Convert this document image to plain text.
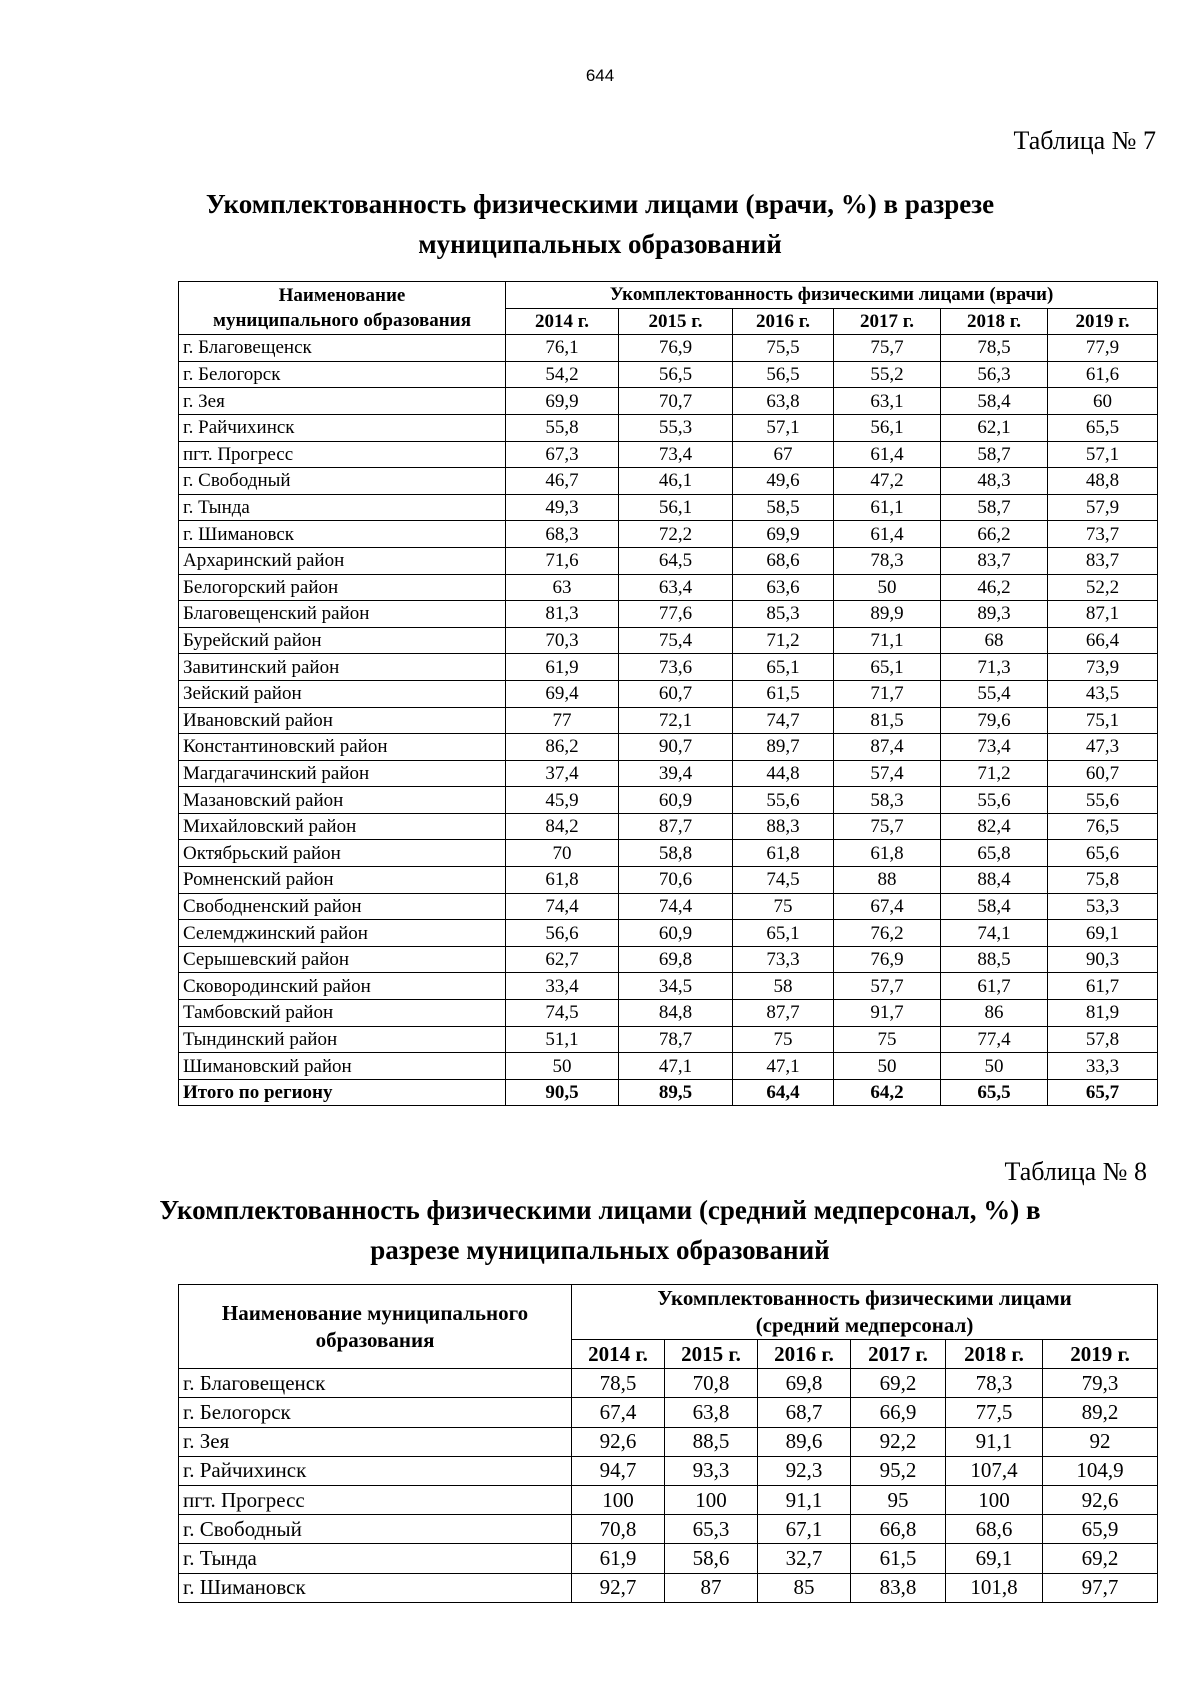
644
Таблица № 7
Укомплектованность физическими лицами (врачи, %) в разрезе
муниципальных образований
Наименование
муниципального образования	Укомплектованность физическими лицами (врачи)					
	2014 г.	2015 г.	2016 г.	2017 г.	2018 г.	2019 г.
г. Благовещенск	76,1	76,9	75,5	75,7	78,5	77,9
г. Белогорск	54,2	56,5	56,5	55,2	56,3	61,6
г. Зея	69,9	70,7	63,8	63,1	58,4	60
г. Райчихинск	55,8	55,3	57,1	56,1	62,1	65,5
пгт. Прогресс	67,3	73,4	67	61,4	58,7	57,1
г. Свободный	46,7	46,1	49,6	47,2	48,3	48,8
г. Тында	49,3	56,1	58,5	61,1	58,7	57,9
г. Шимановск	68,3	72,2	69,9	61,4	66,2	73,7
Архаринский район	71,6	64,5	68,6	78,3	83,7	83,7
Белогорский район	63	63,4	63,6	50	46,2	52,2
Благовещенский район	81,3	77,6	85,3	89,9	89,3	87,1
Бурейский район	70,3	75,4	71,2	71,1	68	66,4
Завитинский район	61,9	73,6	65,1	65,1	71,3	73,9
Зейский район	69,4	60,7	61,5	71,7	55,4	43,5
Ивановский район	77	72,1	74,7	81,5	79,6	75,1
Константиновский район	86,2	90,7	89,7	87,4	73,4	47,3
Магдагачинский район	37,4	39,4	44,8	57,4	71,2	60,7
Мазановский район	45,9	60,9	55,6	58,3	55,6	55,6
Михайловский район	84,2	87,7	88,3	75,7	82,4	76,5
Октябрьский район	70	58,8	61,8	61,8	65,8	65,6
Ромненский район	61,8	70,6	74,5	88	88,4	75,8
Свободненский район	74,4	74,4	75	67,4	58,4	53,3
Селемджинский район	56,6	60,9	65,1	76,2	74,1	69,1
Серышевский район	62,7	69,8	73,3	76,9	88,5	90,3
Сковородинский район	33,4	34,5	58	57,7	61,7	61,7
Тамбовский район	74,5	84,8	87,7	91,7	86	81,9
Тындинский район	51,1	78,7	75	75	77,4	57,8
Шимановский район	50	47,1	47,1	50	50	33,3
Итого по региону	90,5	89,5	64,4	64,2	65,5	65,7
Таблица № 8
Укомплектованность физическими лицами (средний медперсонал, %) в
разрезе муниципальных образований
Наименование муниципального образования	Укомплектованность физическими лицами
(средний медперсонал)					

	2014 г.	2015 г.	2016 г.	2017 г.	2018 г.	2019 г.
г. Благовещенск	78,5	70,8	69,8	69,2	78,3	79,3
г. Белогорск	67,4	63,8	68,7	66,9	77,5	89,2
г. Зея	92,6	88,5	89,6	92,2	91,1	92
г. Райчихинск	94,7	93,3	92,3	95,2	107,4	104,9
пгт. Прогресс	100	100	91,1	95	100	92,6
г. Свободный	70,8	65,3	67,1	66,8	68,6	65,9
г. Тында	61,9	58,6	32,7	61,5	69,1	69,2
г. Шимановск	92,7	87	85	83,8	101,8	97,7
